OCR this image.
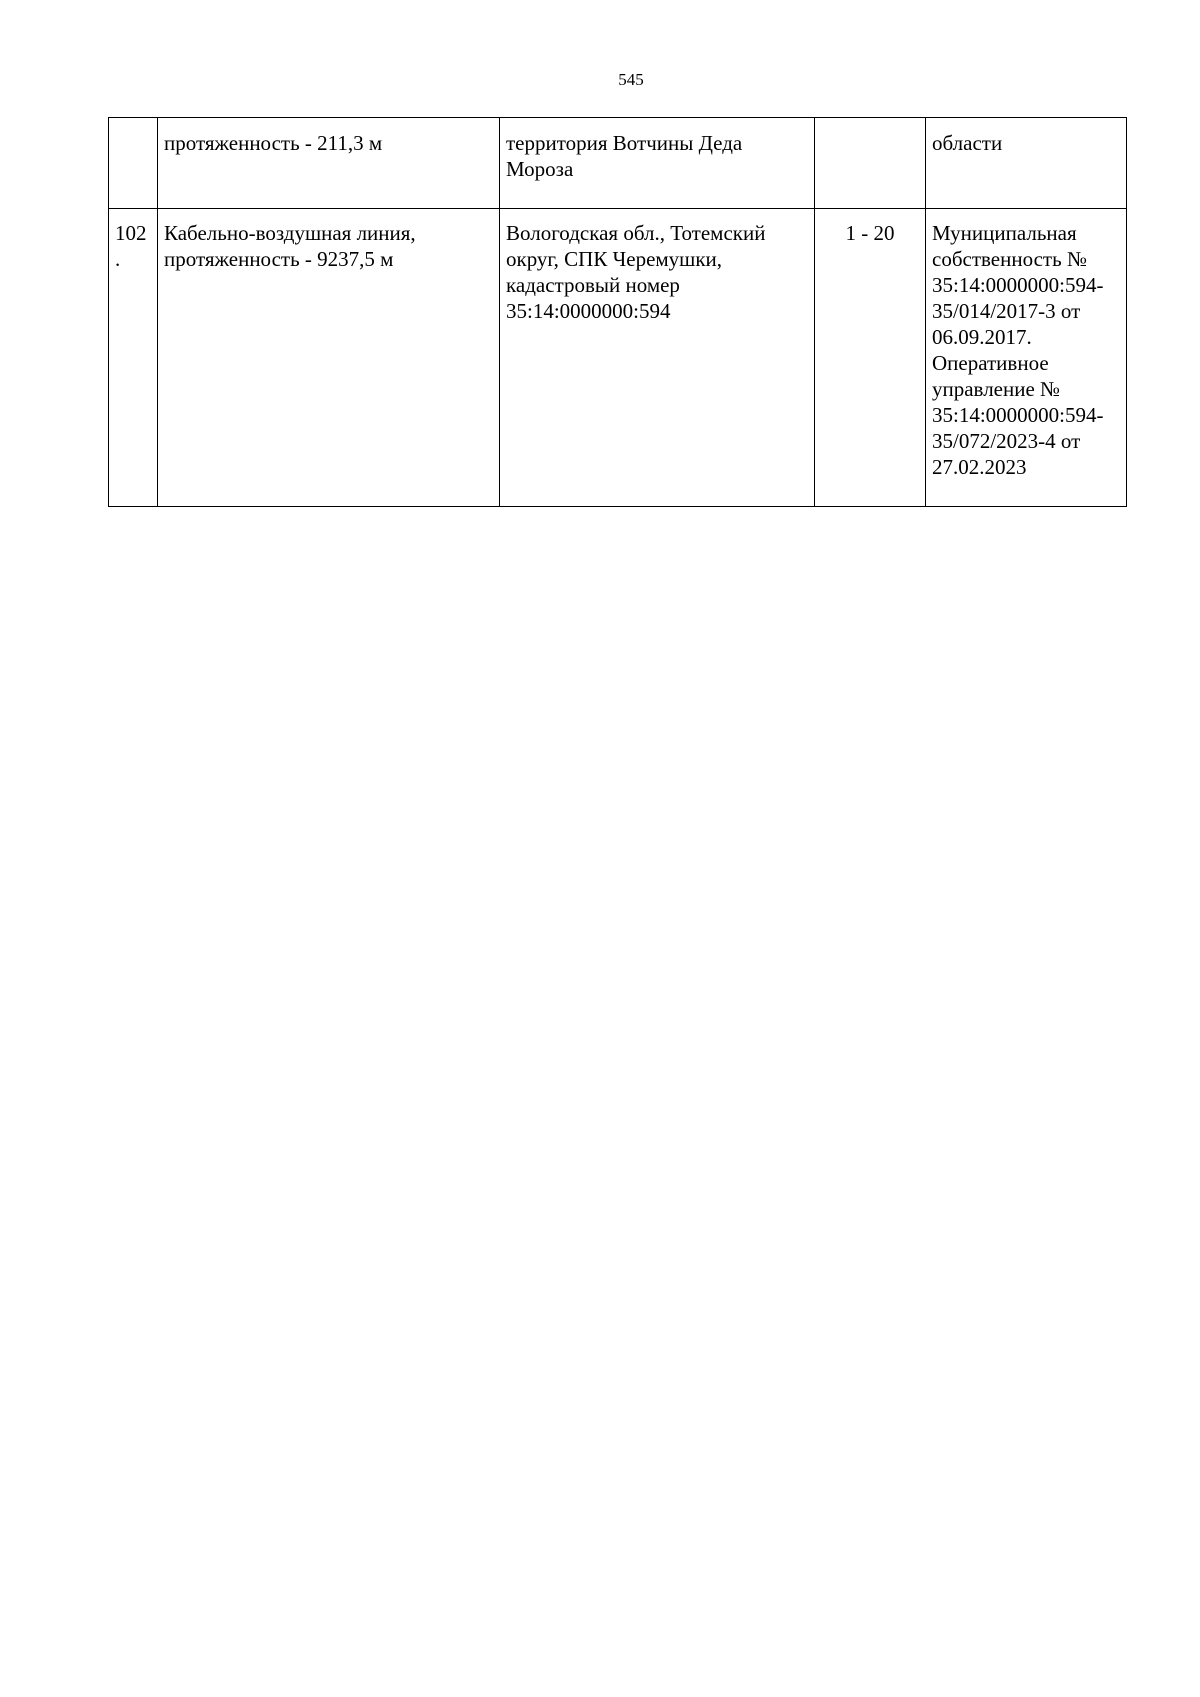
545
	протяженность - 211,3 м	территория Вотчины Деда Мороза		области
102.	Кабельно-воздушная линия, протяженность - 9237,5 м	Вологодская обл., Тотемский округ, СПК Черемушки, кадастровый номер 35:14:0000000:594	1 - 20	Муниципальная собственность № 35:14:0000000:594-35/014/2017-3 от 06.09.2017. Оперативное управление № 35:14:0000000:594-35/072/2023-4 от 27.02.2023
